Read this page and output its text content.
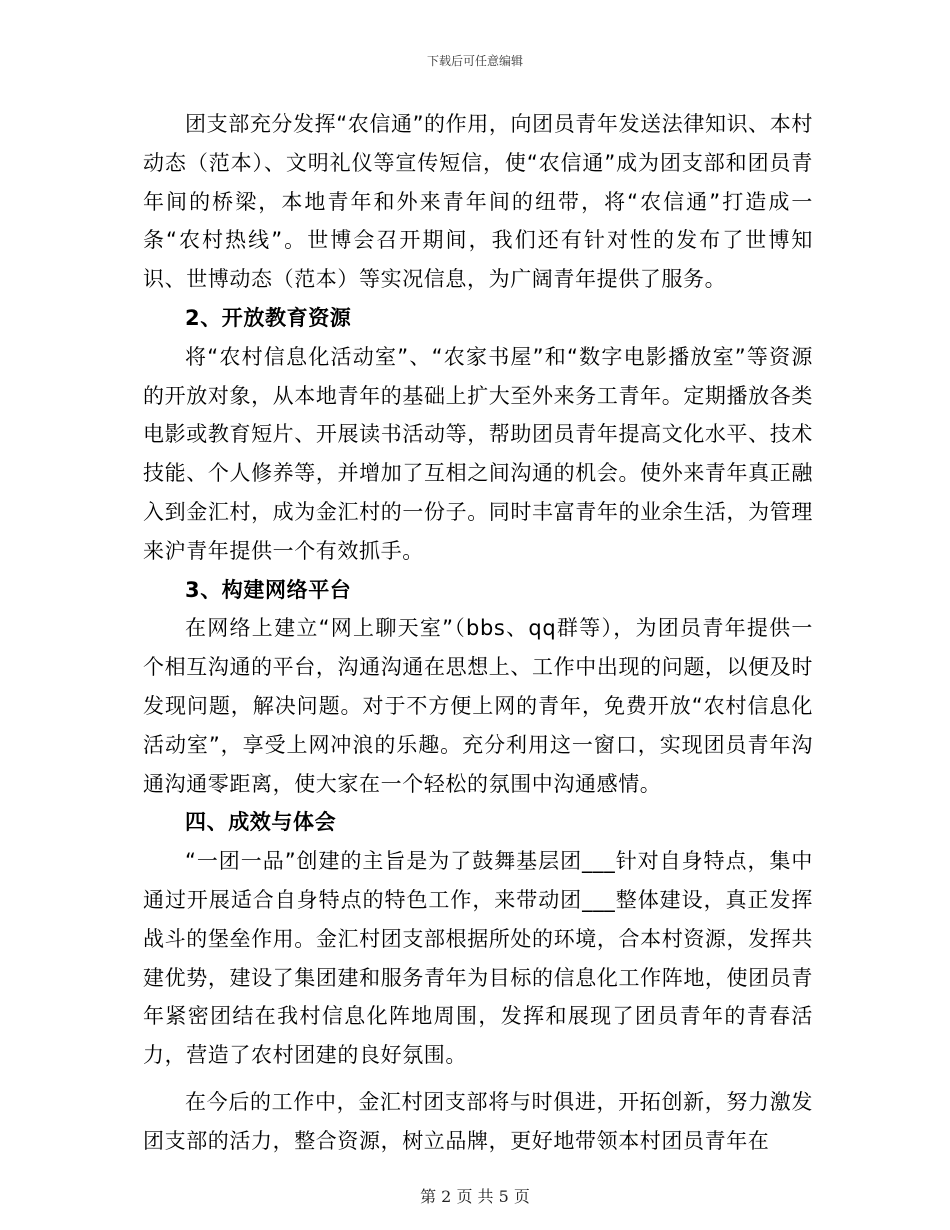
下载后可任意编辑

团支部充分发挥“农信通”的作用，向团员青年发送法律知识、本村动态（范本）、文明礼仪等宣传短信，使“农信通”成为团支部和团员青年间的桥梁，本地青年和外来青年间的纽带，将“农信通”打造成一条“农村热线”。世博会召开期间，我们还有针对性的发布了世博知识、世博动态（范本）等实况信息，为广阔青年提供了服务。

2、开放教育资源

将“农村信息化活动室”、“农家书屋”和“数字电影播放室”等资源的开放对象，从本地青年的基础上扩大至外来务工青年。定期播放各类电影或教育短片、开展读书活动等，帮助团员青年提高文化水平、技术技能、个人修养等，并增加了互相之间沟通的机会。使外来青年真正融入到金汇村，成为金汇村的一份子。同时丰富青年的业余生活，为管理来沪青年提供一个有效抓手。

3、构建网络平台

在网络上建立“网上聊天室”（bbs、qq群等），为团员青年提供一个相互沟通的平台，沟通沟通在思想上、工作中出现的问题，以便及时发现问题，解决问题。对于不方便上网的青年，免费开放“农村信息化活动室”，享受上网冲浪的乐趣。充分利用这一窗口，实现团员青年沟通沟通零距离，使大家在一个轻松的氛围中沟通感情。

四、成效与体会

“一团一品”创建的主旨是为了鼓舞基层团___针对自身特点，集中通过开展适合自身特点的特色工作，来带动团___整体建设，真正发挥战斗的堡垒作用。金汇村团支部根据所处的环境，合本村资源，发挥共建优势，建设了集团建和服务青年为目标的信息化工作阵地，使团员青年紧密团结在我村信息化阵地周围，发挥和展现了团员青年的青春活力，营造了农村团建的良好氛围。

在今后的工作中，金汇村团支部将与时俱进，开拓创新，努力激发团支部的活力，整合资源，树立品牌，更好地带领本村团员青年在

第 2 页 共 5 页
